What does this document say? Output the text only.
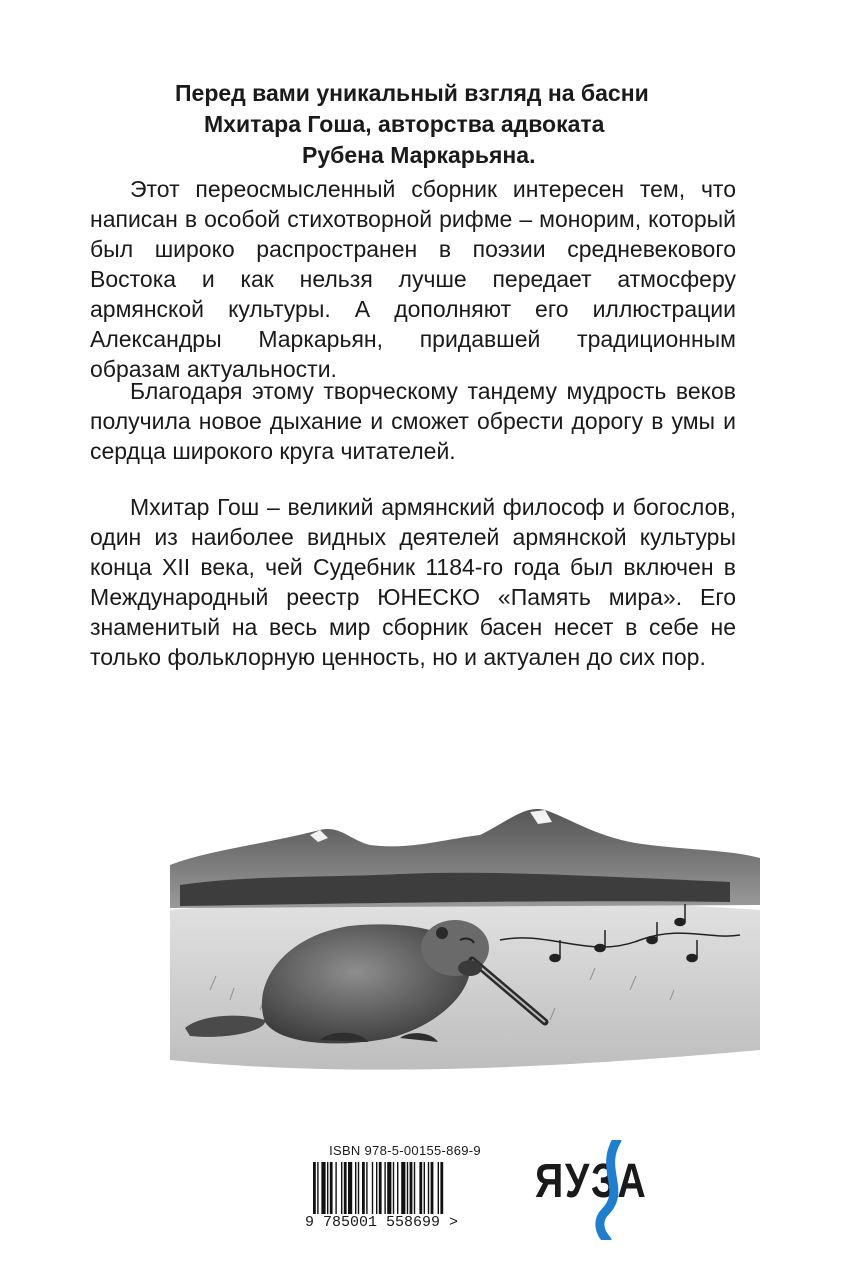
Перед вами уникальный взгляд на басни
Мхитара Гоша, авторства адвоката
Рубена Маркарьяна.

Этот переосмысленный сборник интересен тем, что написан в особой стихотворной рифме – монорим, который был широко распространен в поэзии средневекового Востока и как нельзя лучше передает атмосферу армянской культуры. А дополняют его иллюстрации Александры Маркарьян, придавшей традиционным образам актуальности.

Благодаря этому творческому тандему мудрость веков получила новое дыхание и сможет обрести дорогу в умы и сердца широкого круга читателей.

Мхитар Гош – великий армянский философ и богослов, один из наиболее видных деятелей армянской культуры конца XII века, чей Судебник 1184-го года был включен в Международный реестр ЮНЕСКО «Память мира». Его знаменитый на весь мир сборник басен несет в себе не только фольклорную ценность, но и актуален до сих пор.

ISBN 978-5-00155-869-9
9 785001 558699 >
ЯУЗА
